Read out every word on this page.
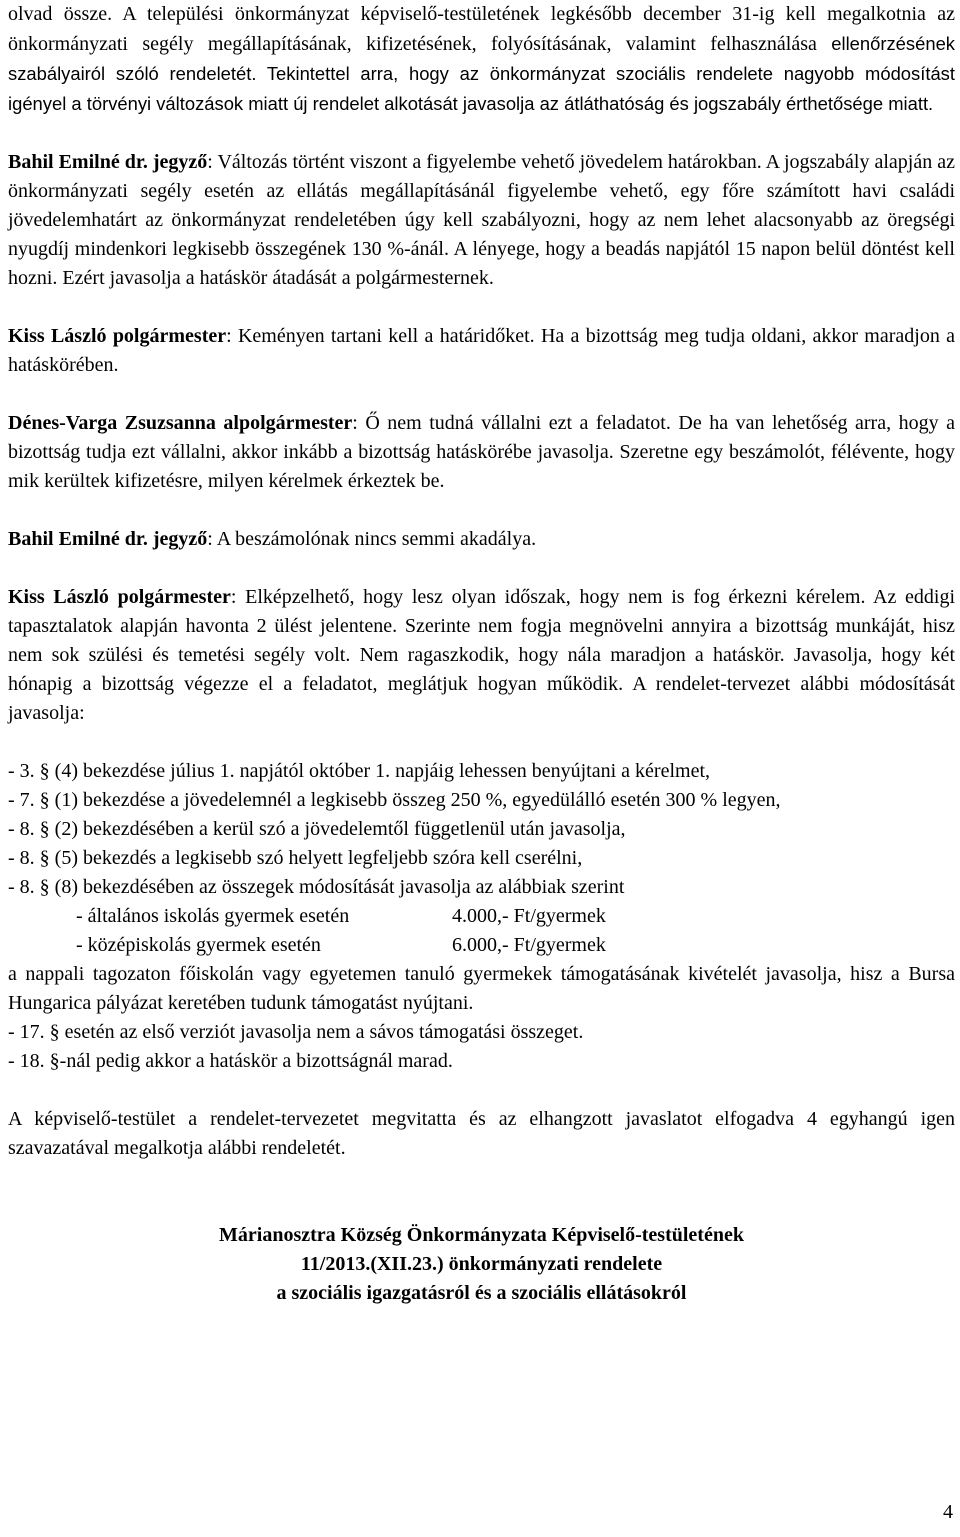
olvad össze. A települési önkormányzat képviselő-testületének legkésőbb december 31-ig kell megalkotnia az önkormányzati segély megállapításának, kifizetésének, folyósításának, valamint felhasználása ellenőrzésének szabályairól szóló rendeletét. Tekintettel arra, hogy az önkormányzat szociális rendelete nagyobb módosítást igényel a törvényi változások miatt új rendelet alkotását javasolja az átláthatóság és jogszabály érthetősége miatt.

Bahil Emilné dr. jegyző: Változás történt viszont a figyelembe vehető jövedelem határokban. A jogszabály alapján az önkormányzati segély esetén az ellátás megállapításánál figyelembe vehető, egy főre számított havi családi jövedelemhatárt az önkormányzat rendeletében úgy kell szabályozni, hogy az nem lehet alacsonyabb az öregségi nyugdíj mindenkori legkisebb összegének 130 %-ánál. A lényege, hogy a beadás napjától 15 napon belül döntést kell hozni. Ezért javasolja a hatáskör átadását a polgármesternek.

Kiss László polgármester: Keményen tartani kell a határidőket. Ha a bizottság meg tudja oldani, akkor maradjon a hatáskörében.

Dénes-Varga Zsuzsanna alpolgármester: Ő nem tudná vállalni ezt a feladatot. De ha van lehetőség arra, hogy a bizottság tudja ezt vállalni, akkor inkább a bizottság hatáskörébe javasolja. Szeretne egy beszámolót, félévente, hogy mik kerültek kifizetésre, milyen kérelmek érkeztek be.

Bahil Emilné dr. jegyző: A beszámolónak nincs semmi akadálya.

Kiss László polgármester: Elképzelhető, hogy lesz olyan időszak, hogy nem is fog érkezni kérelem. Az eddigi tapasztalatok alapján havonta 2 ülést jelentene. Szerinte nem fogja megnövelni annyira a bizottság munkáját, hisz nem sok szülési és temetési segély volt. Nem ragaszkodik, hogy nála maradjon a hatáskör. Javasolja, hogy két hónapig a bizottság végezze el a feladatot, meglátjuk hogyan működik. A rendelet-tervezet alábbi módosítását javasolja:

- 3. § (4) bekezdése július 1. napjától október 1. napjáig lehessen benyújtani a kérelmet,

- 7. § (1) bekezdése a jövedelemnél a legkisebb összeg 250 %, egyedülálló esetén 300 % legyen,

- 8. § (2) bekezdésében a kerül szó a jövedelemtől függetlenül után javasolja,

- 8. § (5) bekezdés a legkisebb szó helyett legfeljebb szóra kell cserélni,

- 8. § (8) bekezdésében az összegek módosítását javasolja az alábbiak szerint

- általános iskolás gyermek esetén	4.000,- Ft/gyermek
- középiskolás gyermek esetén	6.000,- Ft/gyermek

a nappali tagozaton főiskolán vagy egyetemen tanuló gyermekek támogatásának kivételét javasolja, hisz a Bursa Hungarica pályázat keretében tudunk támogatást nyújtani.

- 17. § esetén az első verziót javasolja nem a sávos támogatási összeget.

- 18. §-nál pedig akkor a hatáskör a bizottságnál marad.

A képviselő-testület a rendelet-tervezetet megvitatta és az elhangzott javaslatot elfogadva 4 egyhangú igen szavazatával megalkotja alábbi rendeletét.

Márianosztra Község Önkormányzata Képviselő-testületének
11/2013.(XII.23.) önkormányzati rendelete
a szociális igazgatásról és a szociális ellátásokról
4
